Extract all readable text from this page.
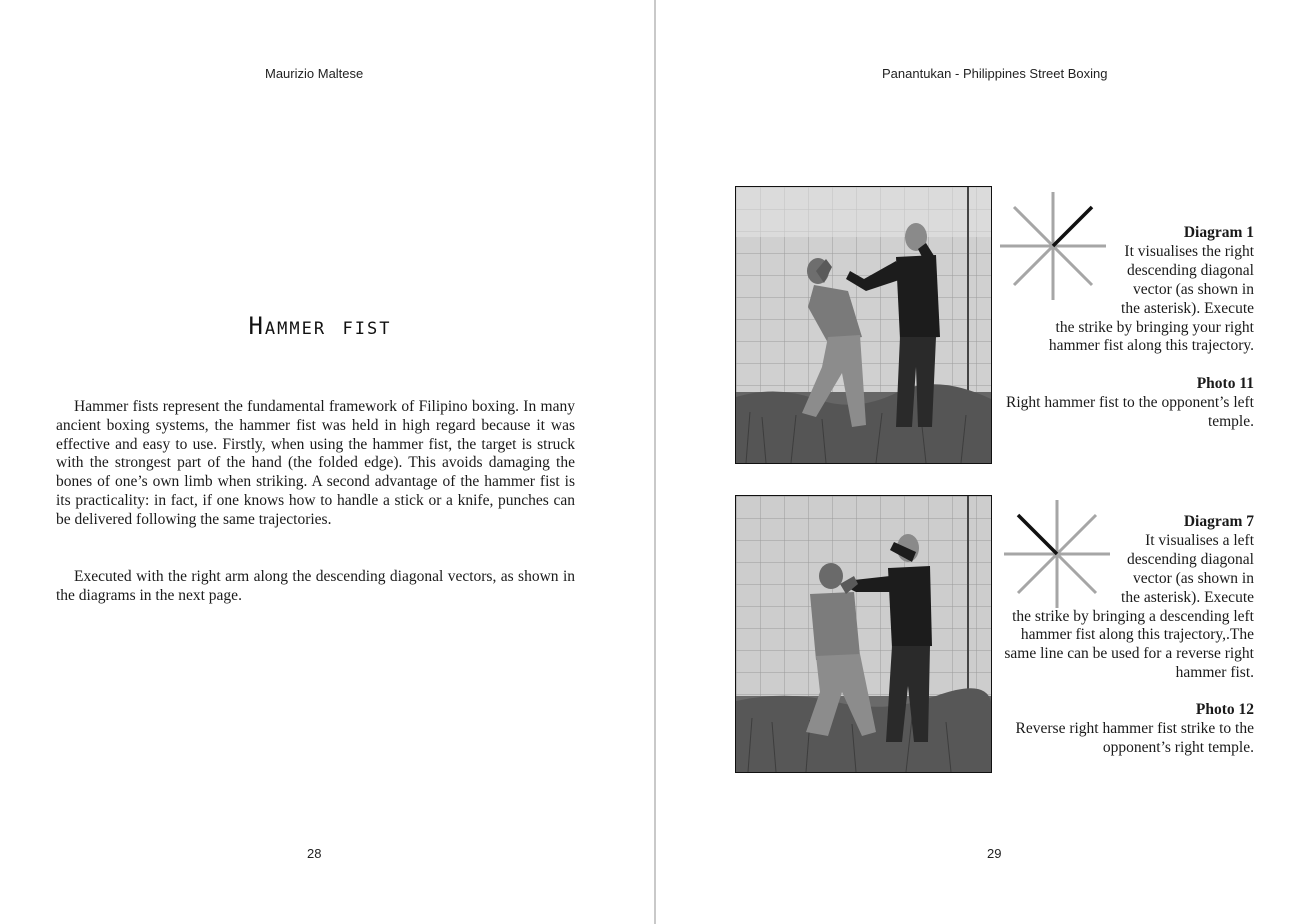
Maurizio Maltese
Hammer fist

Hammer fists represent the fundamental framework of Filipino boxing. In many ancient boxing systems, the hammer fist was held in high regard because it was effective and easy to use. Firstly, when using the hammer fist, the target is struck with the strongest part of the hand (the folded edge). This avoids damaging the bones of one’s own limb when striking. A second advantage of the hammer fist is its practicality: in fact, if one knows how to handle a stick or a knife, punches can be delivered following the same trajectories.

Executed with the right arm along the descending diagonal vectors, as shown in the diagrams in the next page.

28
Panantukan - Philippines Street Boxing
Diagram 1
It visualises the right
descending diagonal
vector (as shown in
the asterisk). Execute
the strike by bringing your right
hammer fist along this trajectory.
Photo 11
Right hammer fist to the opponent’s left
temple.
Diagram 7
It visualises a left
descending diagonal
vector (as shown in
the asterisk). Execute
the strike by bringing a descending left
hammer fist along this trajectory,.The
same line can be used for a reverse right
hammer fist.
Photo 12
Reverse right hammer fist strike to the
opponent’s right temple.
29
